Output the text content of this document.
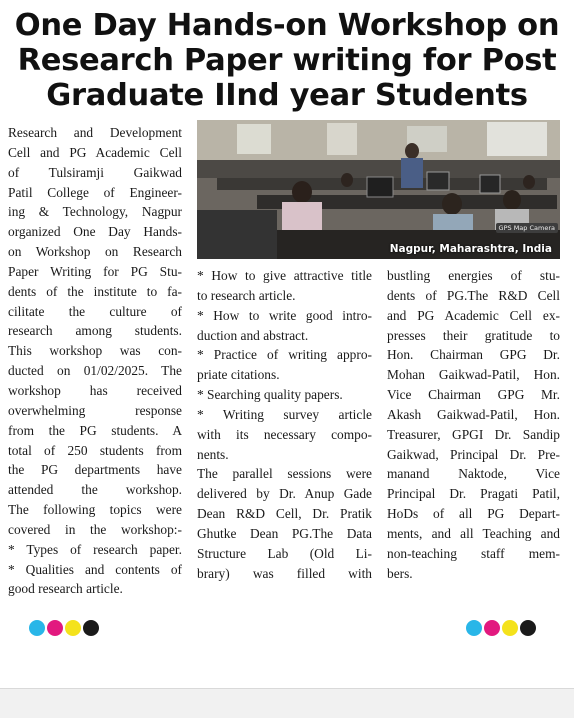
One Day Hands-on Workshop on
Research Paper writing for Post
Graduate IInd year Students
Research and Development
Cell and PG Academic Cell
of Tulsiramji Gaikwad
Patil College of Engineer-
ing & Technology, Nagpur
organized One Day Hands-
on Workshop on Research
Paper Writing for PG Stu-
dents of the institute to fa-
cilitate the culture of
research among students.
This workshop was con-
ducted on 01/02/2025. The
workshop has received
overwhelming response
from the PG students. A
total of 250 students from
the PG departments have
attended the workshop.
The following topics were
covered in the workshop:-
* Types of research paper.
* Qualities and contents of
good research article.
GPS Map Camera
Nagpur, Maharashtra, India
* How to give attractive title
to research article.
* How to write good intro-
duction and abstract.
* Practice of writing appro-
priate citations.
* Searching quality papers.
* Writing survey article
with its necessary compo-
nents.
The parallel sessions were
delivered by Dr. Anup Gade
Dean R&D Cell, Dr. Pratik
Ghutke Dean PG.The Data
Structure Lab (Old Li-
brary) was filled with
bustling energies of stu-
dents of PG.The R&D Cell
and PG Academic Cell ex-
presses their gratitude to
Hon. Chairman GPG Dr.
Mohan Gaikwad-Patil, Hon.
Vice Chairman GPG Mr.
Akash Gaikwad-Patil, Hon.
Treasurer, GPGI Dr. Sandip
Gaikwad, Principal Dr. Pre-
manand Naktode, Vice
Principal Dr. Pragati Patil,
HoDs of all PG Depart-
ments, and all Teaching and
non-teaching staff mem-
bers.
